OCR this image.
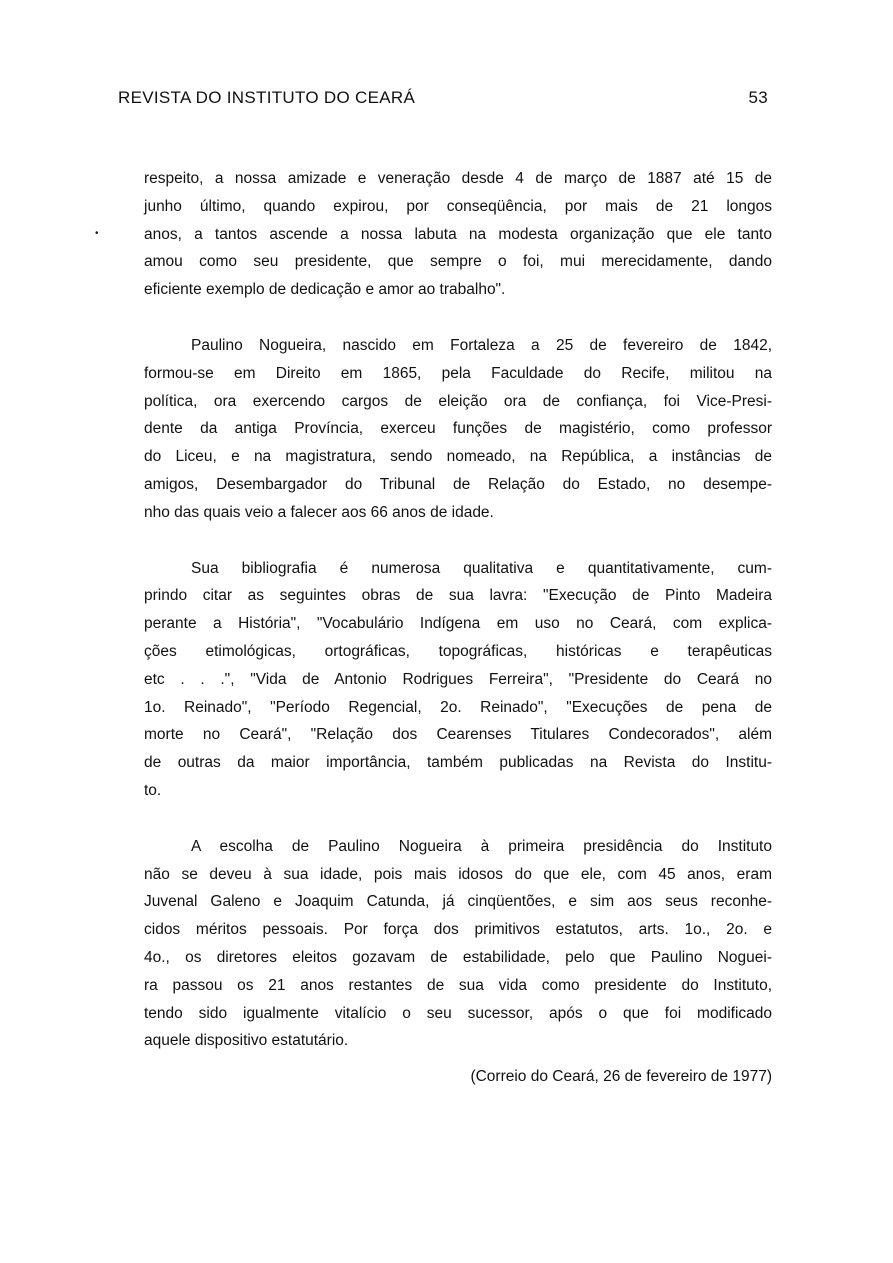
REVISTA DO INSTITUTO DO CEARÁ	53
•
respeito, a nossa amizade e veneração desde 4 de março de 1887 até 15 de
junho último, quando expirou, por conseqüência, por mais de 21 longos
anos, a tantos ascende a nossa labuta na modesta organização que ele tanto
amou como seu presidente, que sempre o foi, mui merecidamente, dando
eficiente exemplo de dedicação e amor ao trabalho".
Paulino Nogueira, nascido em Fortaleza a 25 de fevereiro de 1842,
formou-se em Direito em 1865, pela Faculdade do Recife, militou na
política, ora exercendo cargos de eleição ora de confiança, foi Vice-Presi-
dente da antiga Província, exerceu funções de magistério, como professor
do Liceu, e na magistratura, sendo nomeado, na República, a instâncias de
amigos, Desembargador do Tribunal de Relação do Estado, no desempe-
nho das quais veio a falecer aos 66 anos de idade.
Sua bibliografia é numerosa qualitativa e quantitativamente, cum-
prindo citar as seguintes obras de sua lavra: "Execução de Pinto Madeira
perante a História", "Vocabulário Indígena em uso no Ceará, com explica-
ções etimológicas, ortográficas, topográficas, históricas e terapêuticas
etc . . .", "Vida de Antonio Rodrigues Ferreira", "Presidente do Ceará no
1o. Reinado", "Período Regencial, 2o. Reinado", "Execuções de pena de
morte no Ceará", "Relação dos Cearenses Titulares Condecorados", além
de outras da maior importância, também publicadas na Revista do Institu-
to.
A escolha de Paulino Nogueira à primeira presidência do Instituto
não se deveu à sua idade, pois mais idosos do que ele, com 45 anos, eram
Juvenal Galeno e Joaquim Catunda, já cinqüentões, e sim aos seus reconhe-
cidos méritos pessoais. Por força dos primitivos estatutos, arts. 1o., 2o. e
4o., os diretores eleitos gozavam de estabilidade, pelo que Paulino Noguei-
ra passou os 21 anos restantes de sua vida como presidente do Instituto,
tendo sido igualmente vitalício o seu sucessor, após o que foi modificado
aquele dispositivo estatutário.
(Correio do Ceará, 26 de fevereiro de 1977)
